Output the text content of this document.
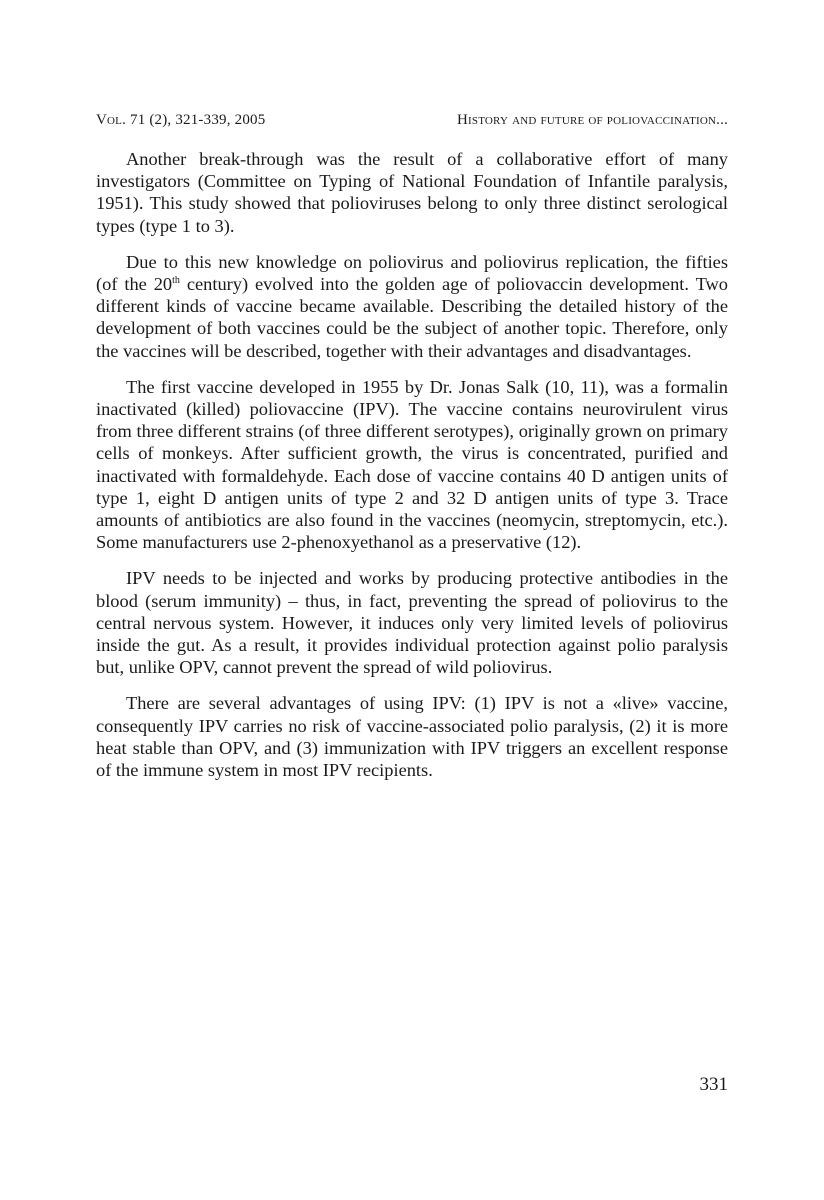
Vol. 71 (2), 321-339, 2005	History and future of poliovaccination...

Another break-through was the result of a collaborative effort of many investigators (Committee on Typing of National Foundation of Infantile paralysis, 1951). This study showed that polioviruses belong to only three distinct serological types (type 1 to 3).

Due to this new knowledge on poliovirus and poliovirus replication, the fifties (of the 20th century) evolved into the golden age of poliovaccin development. Two different kinds of vaccine became available. Describing the detailed history of the development of both vaccines could be the subject of another topic. Therefore, only the vaccines will be described, together with their advantages and disadvantages.

The first vaccine developed in 1955 by Dr. Jonas Salk (10, 11), was a formalin inactivated (killed) poliovaccine (IPV). The vaccine contains neurovirulent virus from three different strains (of three different serotypes), originally grown on primary cells of monkeys. After sufficient growth, the virus is concentrated, purified and inactivated with formaldehyde. Each dose of vaccine contains 40 D antigen units of type 1, eight D antigen units of type 2 and 32 D antigen units of type 3. Trace amounts of antibiotics are also found in the vaccines (neomycin, streptomycin, etc.). Some manufacturers use 2-phenoxyethanol as a preservative (12).

IPV needs to be injected and works by producing protective antibodies in the blood (serum immunity) – thus, in fact, preventing the spread of poliovirus to the central nervous system. However, it induces only very limited levels of poliovirus inside the gut. As a result, it provides individual protection against polio paralysis but, unlike OPV, cannot prevent the spread of wild poliovirus.

There are several advantages of using IPV: (1) IPV is not a «live» vaccine, consequently IPV carries no risk of vaccine-associated polio paralysis, (2) it is more heat stable than OPV, and (3) immunization with IPV triggers an excellent response of the immune system in most IPV recipients.

331
